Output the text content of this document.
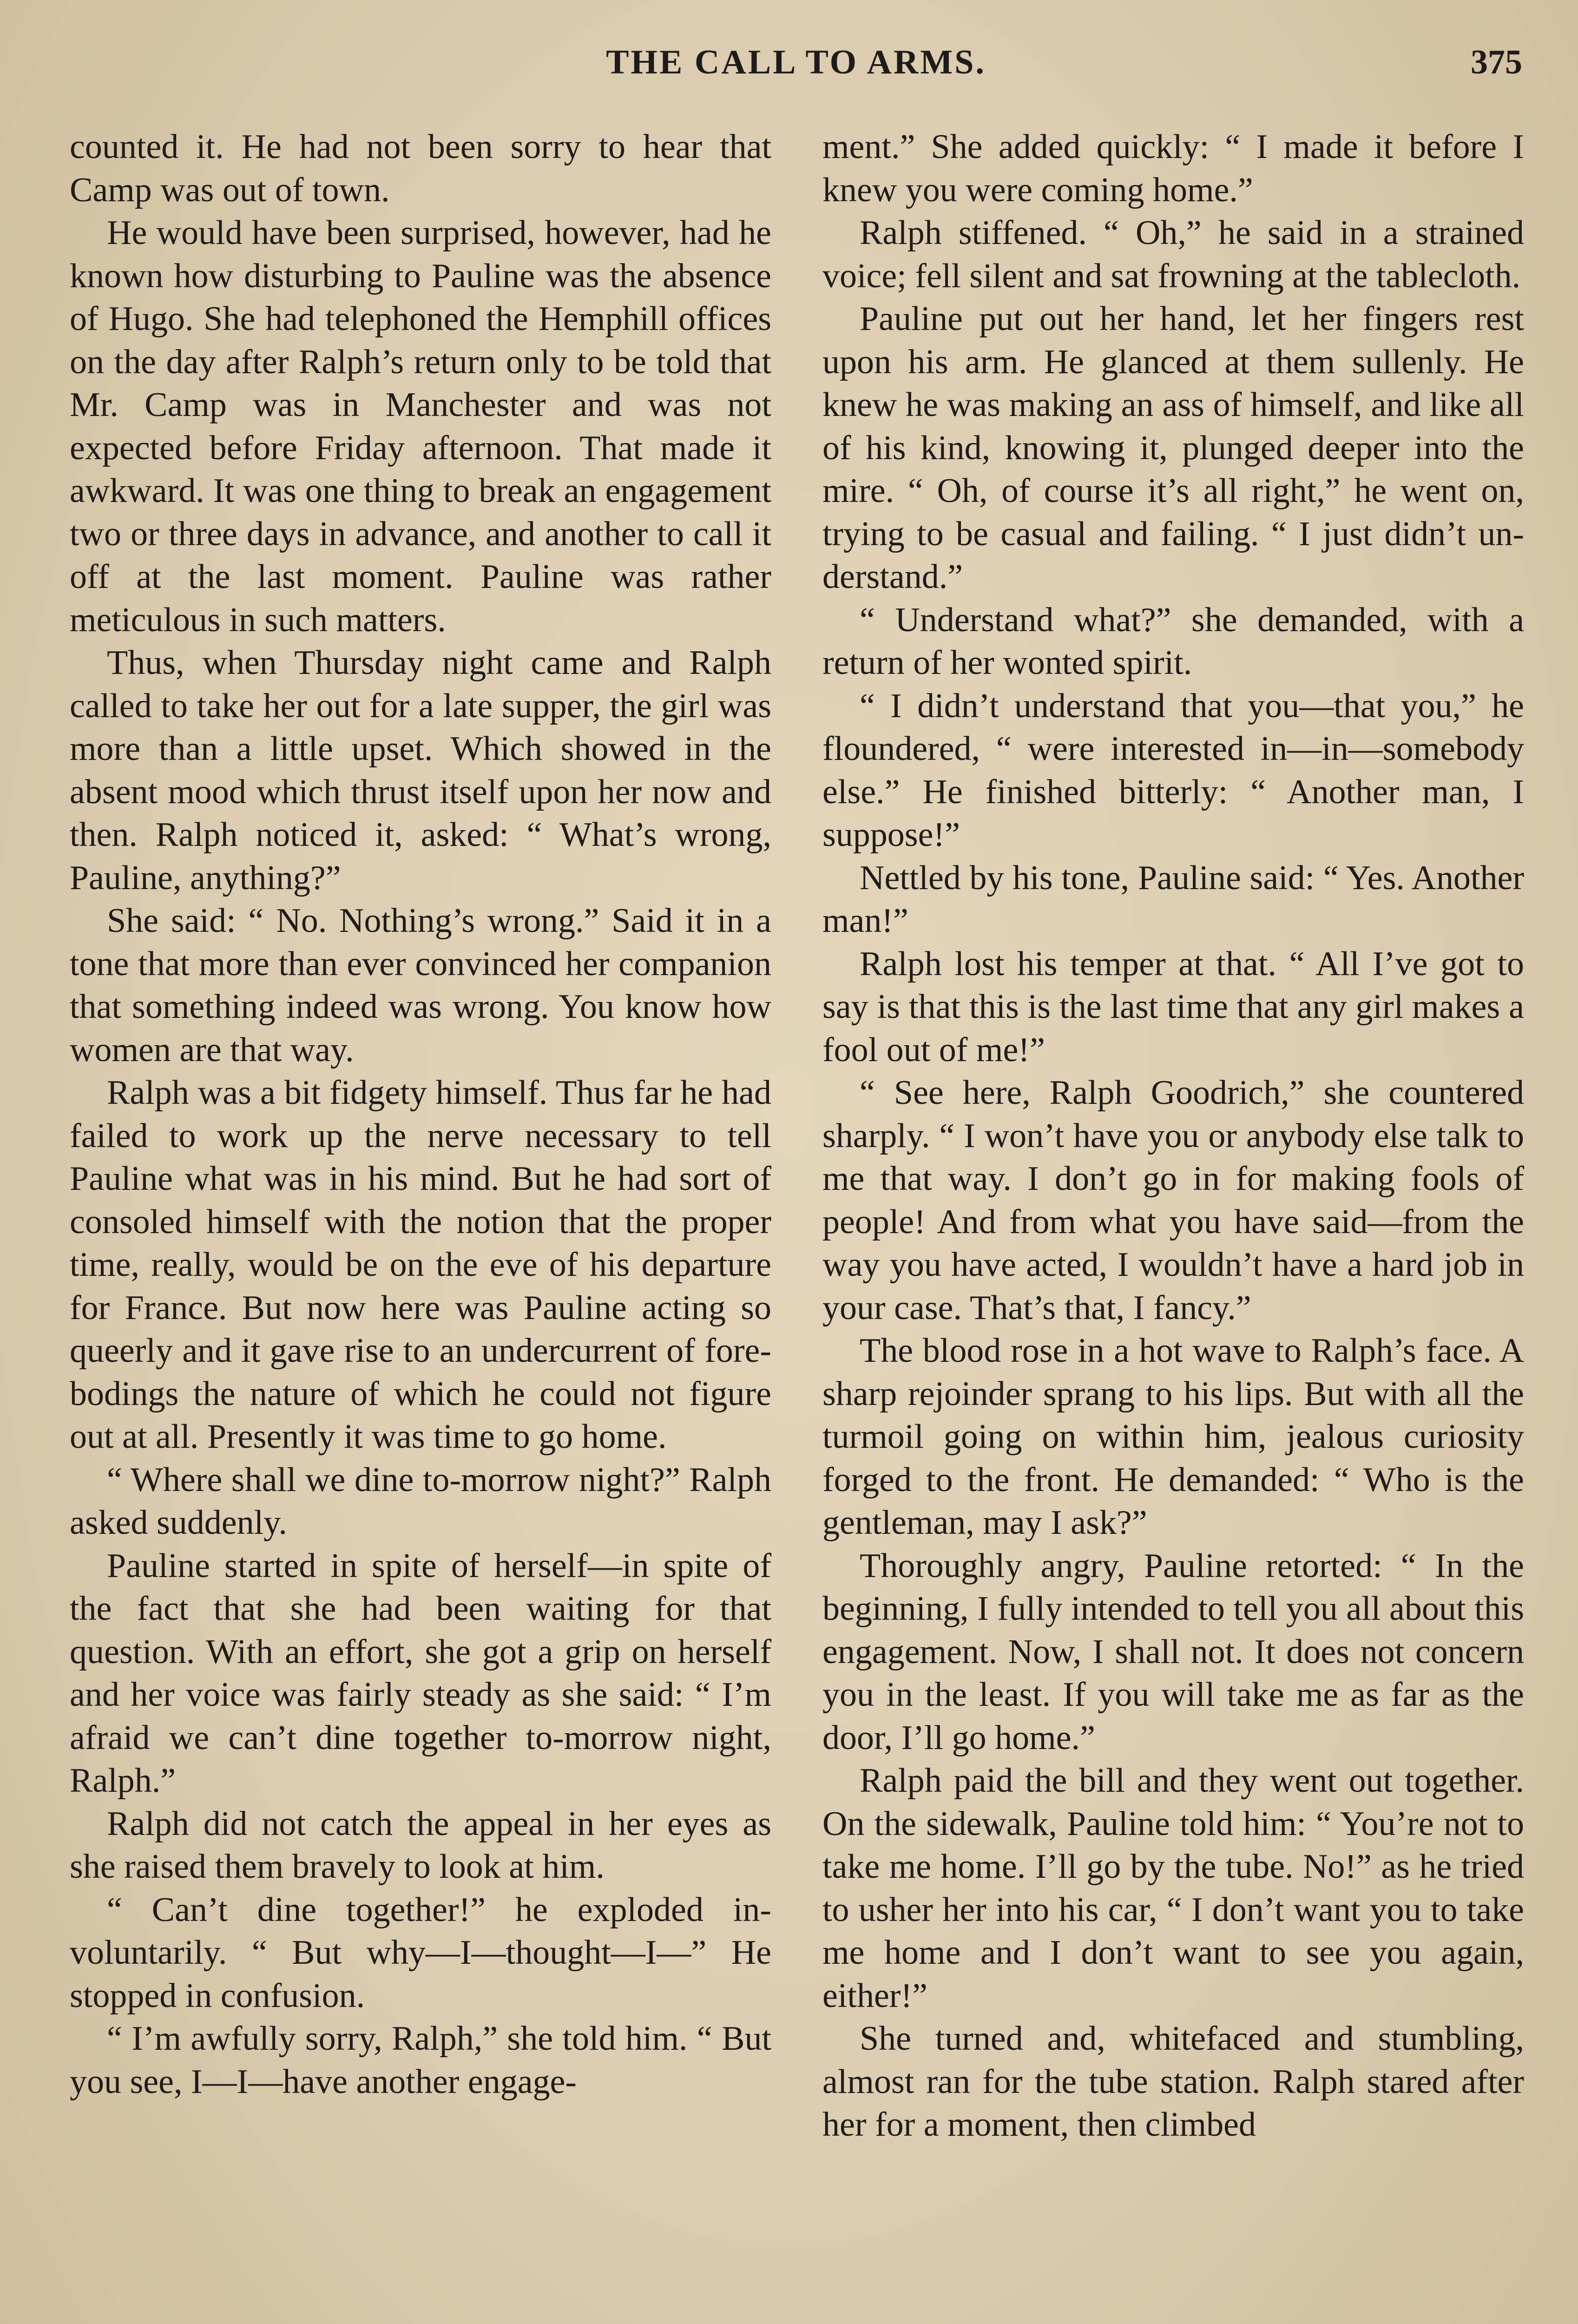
THE CALL TO ARMS.	375

counted it. He had not been sorry to hear that Camp was out of town.

He would have been surprised, however, had he known how disturbing to Pauline was the absence of Hugo. She had telephoned the Hemphill offices on the day after Ralph’s return only to be told that Mr. Camp was in Manchester and was not expected before Friday afternoon. That made it awkward. It was one thing to break an engagement two or three days in advance, and another to call it off at the last moment. Pauline was rather meticulous in such matters.

Thus, when Thursday night came and Ralph called to take her out for a late supper, the girl was more than a little upset. Which showed in the absent mood which thrust itself upon her now and then. Ralph noticed it, asked: “ What’s wrong, Pauline, anything?”

She said: “ No. Nothing’s wrong.” Said it in a tone that more than ever convinced her companion that something indeed was wrong. You know how women are that way.

Ralph was a bit fidgety himself. Thus far he had failed to work up the nerve necessary to tell Pauline what was in his mind. But he had sort of consoled himself with the notion that the proper time, really, would be on the eve of his departure for France. But now here was Pauline acting so queerly and it gave rise to an undercurrent of forebodings the nature of which he could not figure out at all. Presently it was time to go home.

“ Where shall we dine to-morrow night?” Ralph asked suddenly.

Pauline started in spite of herself—in spite of the fact that she had been waiting for that question. With an effort, she got a grip on herself and her voice was fairly steady as she said: “ I’m afraid we can’t dine together to-morrow night, Ralph.”

Ralph did not catch the appeal in her eyes as she raised them bravely to look at him.

“ Can’t dine together!” he exploded involuntarily. “ But why—I—thought—I—” He stopped in confusion.

“ I’m awfully sorry, Ralph,” she told him. “ But you see, I—I—have another engage-

ment.” She added quickly: “ I made it before I knew you were coming home.”

Ralph stiffened. “ Oh,” he said in a strained voice; fell silent and sat frowning at the tablecloth.

Pauline put out her hand, let her fingers rest upon his arm. He glanced at them sullenly. He knew he was making an ass of himself, and like all of his kind, knowing it, plunged deeper into the mire. “ Oh, of course it’s all right,” he went on, trying to be casual and failing. “ I just didn’t understand.”

“ Understand what?” she demanded, with a return of her wonted spirit.

“ I didn’t understand that you—that you,” he floundered, “ were interested in—in—somebody else.” He finished bitterly: “ Another man, I suppose!”

Nettled by his tone, Pauline said: “ Yes. Another man!”

Ralph lost his temper at that. “ All I’ve got to say is that this is the last time that any girl makes a fool out of me!”

“ See here, Ralph Goodrich,” she countered sharply. “ I won’t have you or anybody else talk to me that way. I don’t go in for making fools of people! And from what you have said—from the way you have acted, I wouldn’t have a hard job in your case. That’s that, I fancy.”

The blood rose in a hot wave to Ralph’s face. A sharp rejoinder sprang to his lips. But with all the turmoil going on within him, jealous curiosity forged to the front. He demanded: “ Who is the gentleman, may I ask?”

Thoroughly angry, Pauline retorted: “ In the beginning, I fully intended to tell you all about this engagement. Now, I shall not. It does not concern you in the least. If you will take me as far as the door, I’ll go home.”

Ralph paid the bill and they went out together. On the sidewalk, Pauline told him: “ You’re not to take me home. I’ll go by the tube. No!” as he tried to usher her into his car, “ I don’t want you to take me home and I don’t want to see you again, either!”

She turned and, whitefaced and stumbling, almost ran for the tube station. Ralph stared after her for a moment, then climbed
